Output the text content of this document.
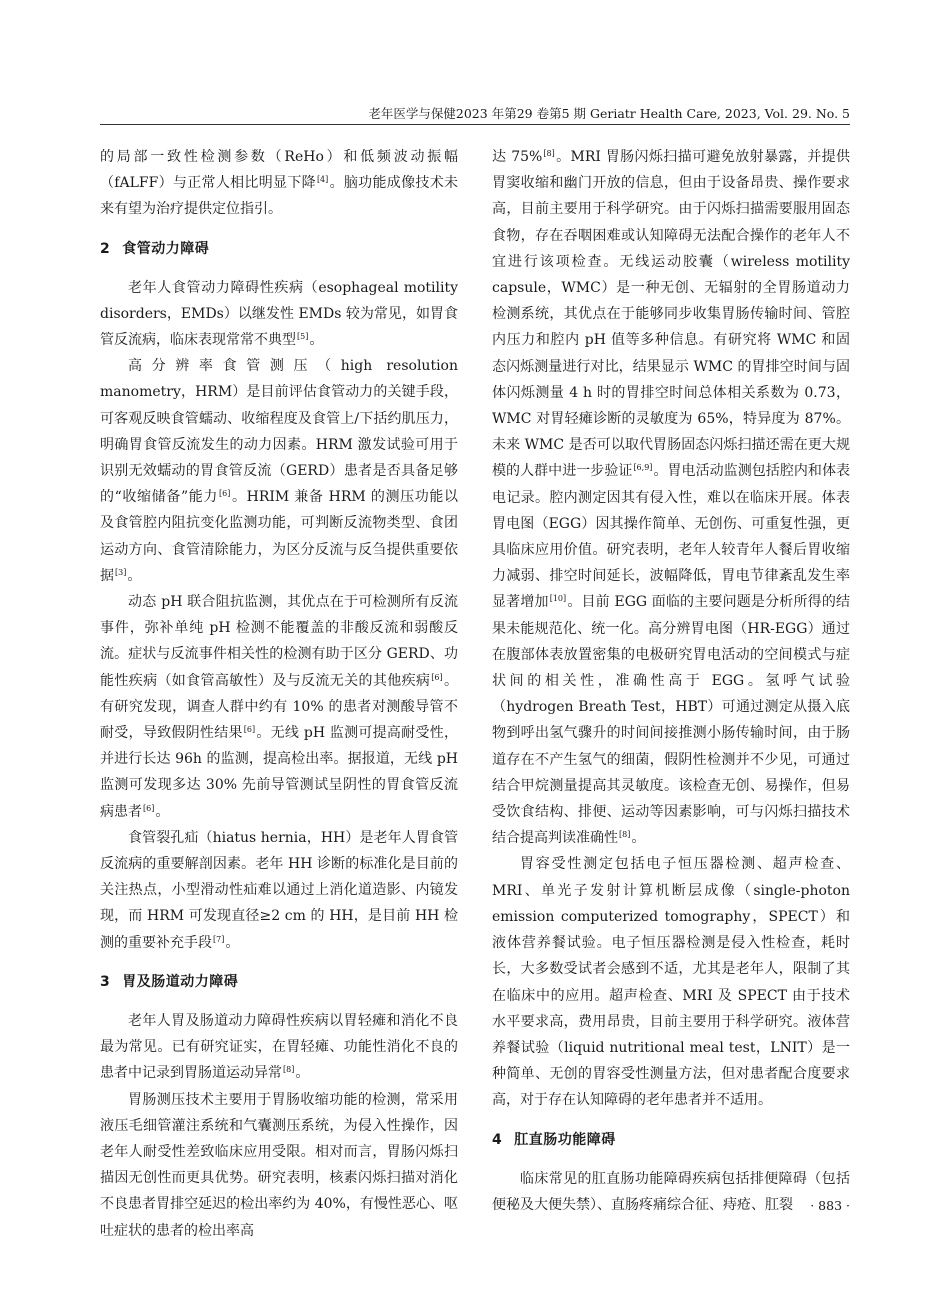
老年医学与保健2023 年第29 卷第5 期 Geriatr Health Care, 2023, Vol. 29. No. 5

的局部一致性检测参数（ReHo）和低频波动振幅（fALFF）与正常人相比明显下降[4]。脑功能成像技术未来有望为治疗提供定位指引。

2 食管动力障碍

老年人食管动力障碍性疾病（esophageal motility disorders，EMDs）以继发性 EMDs 较为常见，如胃食管反流病，临床表现常常不典型[5]。

高分辨率食管测压（high resolution manometry，HRM）是目前评估食管动力的关键手段，可客观反映食管蠕动、收缩程度及食管上/下括约肌压力，明确胃食管反流发生的动力因素。HRM 激发试验可用于识别无效蠕动的胃食管反流（GERD）患者是否具备足够的“收缩储备”能力[6]。HRIM 兼备 HRM 的测压功能以及食管腔内阻抗变化监测功能，可判断反流物类型、食团运动方向、食管清除能力，为区分反流与反刍提供重要依据[3]。

动态 pH 联合阻抗监测，其优点在于可检测所有反流事件，弥补单纯 pH 检测不能覆盖的非酸反流和弱酸反流。症状与反流事件相关性的检测有助于区分 GERD、功能性疾病（如食管高敏性）及与反流无关的其他疾病[6]。有研究发现，调查人群中约有 10% 的患者对测酸导管不耐受，导致假阴性结果[6]。无线 pH 监测可提高耐受性，并进行长达 96h 的监测，提高检出率。据报道，无线 pH 监测可发现多达 30% 先前导管测试呈阴性的胃食管反流病患者[6]。

食管裂孔疝（hiatus hernia，HH）是老年人胃食管反流病的重要解剖因素。老年 HH 诊断的标准化是目前的关注热点，小型滑动性疝难以通过上消化道造影、内镜发现，而 HRM 可发现直径≥2 cm 的 HH，是目前 HH 检测的重要补充手段[7]。

3 胃及肠道动力障碍

老年人胃及肠道动力障碍性疾病以胃轻瘫和消化不良最为常见。已有研究证实，在胃轻瘫、功能性消化不良的患者中记录到胃肠道运动异常[8]。

胃肠测压技术主要用于胃肠收缩功能的检测，常采用液压毛细管灌注系统和气囊测压系统，为侵入性操作，因老年人耐受性差致临床应用受限。相对而言，胃肠闪烁扫描因无创性而更具优势。研究表明，核素闪烁扫描对消化不良患者胃排空延迟的检出率约为 40%，有慢性恶心、呕吐症状的患者的检出率高

达 75%[8]。MRI 胃肠闪烁扫描可避免放射暴露，并提供胃窦收缩和幽门开放的信息，但由于设备昂贵、操作要求高，目前主要用于科学研究。由于闪烁扫描需要服用固态食物，存在吞咽困难或认知障碍无法配合操作的老年人不宜进行该项检查。无线运动胶囊（wireless motility capsule，WMC）是一种无创、无辐射的全胃肠道动力检测系统，其优点在于能够同步收集胃肠传输时间、管腔内压力和腔内 pH 值等多种信息。有研究将 WMC 和固态闪烁测量进行对比，结果显示 WMC 的胃排空时间与固体闪烁测量 4 h 时的胃排空时间总体相关系数为 0.73，WMC 对胃轻瘫诊断的灵敏度为 65%，特异度为 87%。未来 WMC 是否可以取代胃肠固态闪烁扫描还需在更大规模的人群中进一步验证[6,9]。胃电活动监测包括腔内和体表电记录。腔内测定因其有侵入性，难以在临床开展。体表胃电图（EGG）因其操作简单、无创伤、可重复性强，更具临床应用价值。研究表明，老年人较青年人餐后胃收缩力减弱、排空时间延长，波幅降低，胃电节律紊乱发生率显著增加[10]。目前 EGG 面临的主要问题是分析所得的结果未能规范化、统一化。高分辨胃电图（HR-EGG）通过在腹部体表放置密集的电极研究胃电活动的空间模式与症状间的相关性，准确性高于 EGG。氢呼气试验（hydrogen Breath Test，HBT）可通过测定从摄入底物到呼出氢气骤升的时间间接推测小肠传输时间，由于肠道存在不产生氢气的细菌，假阴性检测并不少见，可通过结合甲烷测量提高其灵敏度。该检查无创、易操作，但易受饮食结构、排便、运动等因素影响，可与闪烁扫描技术结合提高判读准确性[8]。

胃容受性测定包括电子恒压器检测、超声检查、MRI、单光子发射计算机断层成像（single-photon emission computerized tomography，SPECT）和液体营养餐试验。电子恒压器检测是侵入性检查，耗时长，大多数受试者会感到不适，尤其是老年人，限制了其在临床中的应用。超声检查、MRI 及 SPECT 由于技术水平要求高，费用昂贵，目前主要用于科学研究。液体营养餐试验（liquid nutritional meal test，LNIT）是一种简单、无创的胃容受性测量方法，但对患者配合度要求高，对于存在认知障碍的老年患者并不适用。

4 肛直肠功能障碍

临床常见的肛直肠功能障碍疾病包括排便障碍（包括便秘及大便失禁）、直肠疼痛综合征、痔疮、肛裂	· 883 ·
